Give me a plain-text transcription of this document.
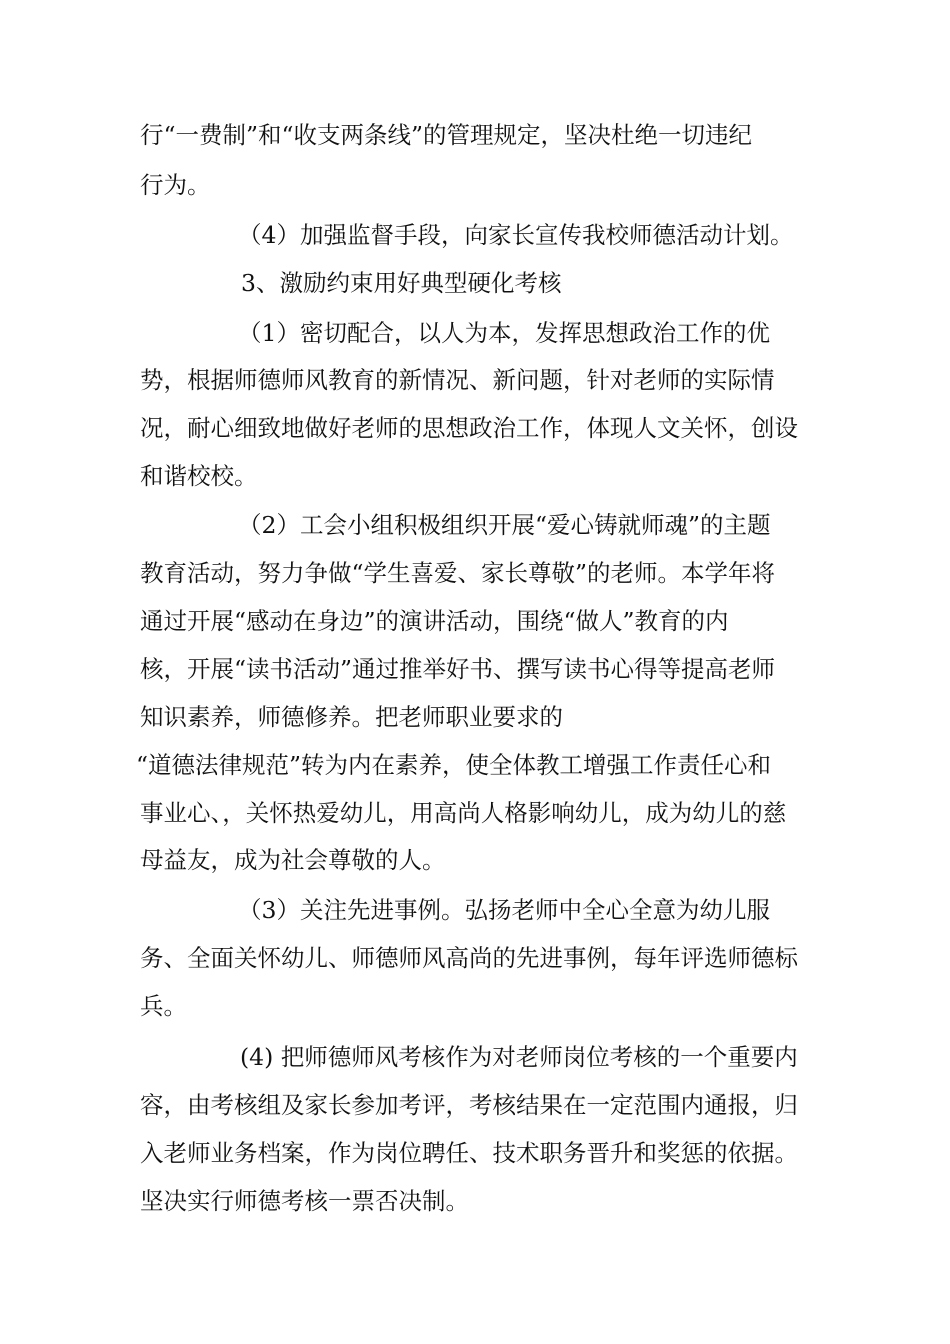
行“一费制”和“收支两条线”的管理规定，坚决杜绝一切违纪
行为。
（4）加强监督手段，向家长宣传我校师德活动计划。
3、激励约束用好典型硬化考核
（1）密切配合，以人为本，发挥思想政治工作的优
势，根据师德师风教育的新情况、新问题，针对老师的实际情
况，耐心细致地做好老师的思想政治工作，体现人文关怀，创设
和谐校校。
（2）工会小组积极组织开展“爱心铸就师魂”的主题
教育活动，努力争做“学生喜爱、家长尊敬”的老师。本学年将
通过开展“感动在身边”的演讲活动，围绕“做人”教育的内
核，开展“读书活动”通过推举好书、撰写读书心得等提高老师
知识素养，师德修养。把老师职业要求的
“道德法律规范”转为内在素养，使全体教工增强工作责任心和
事业心、，关怀热爱幼儿，用高尚人格影响幼儿，成为幼儿的慈
母益友，成为社会尊敬的人。
（3）关注先进事例。弘扬老师中全心全意为幼儿服
务、全面关怀幼儿、师德师风高尚的先进事例，每年评选师德标
兵。
(4) 把师德师风考核作为对老师岗位考核的一个重要内
容，由考核组及家长参加考评，考核结果在一定范围内通报，归
入老师业务档案，作为岗位聘任、技术职务晋升和奖惩的依据。
坚决实行师德考核一票否决制。
